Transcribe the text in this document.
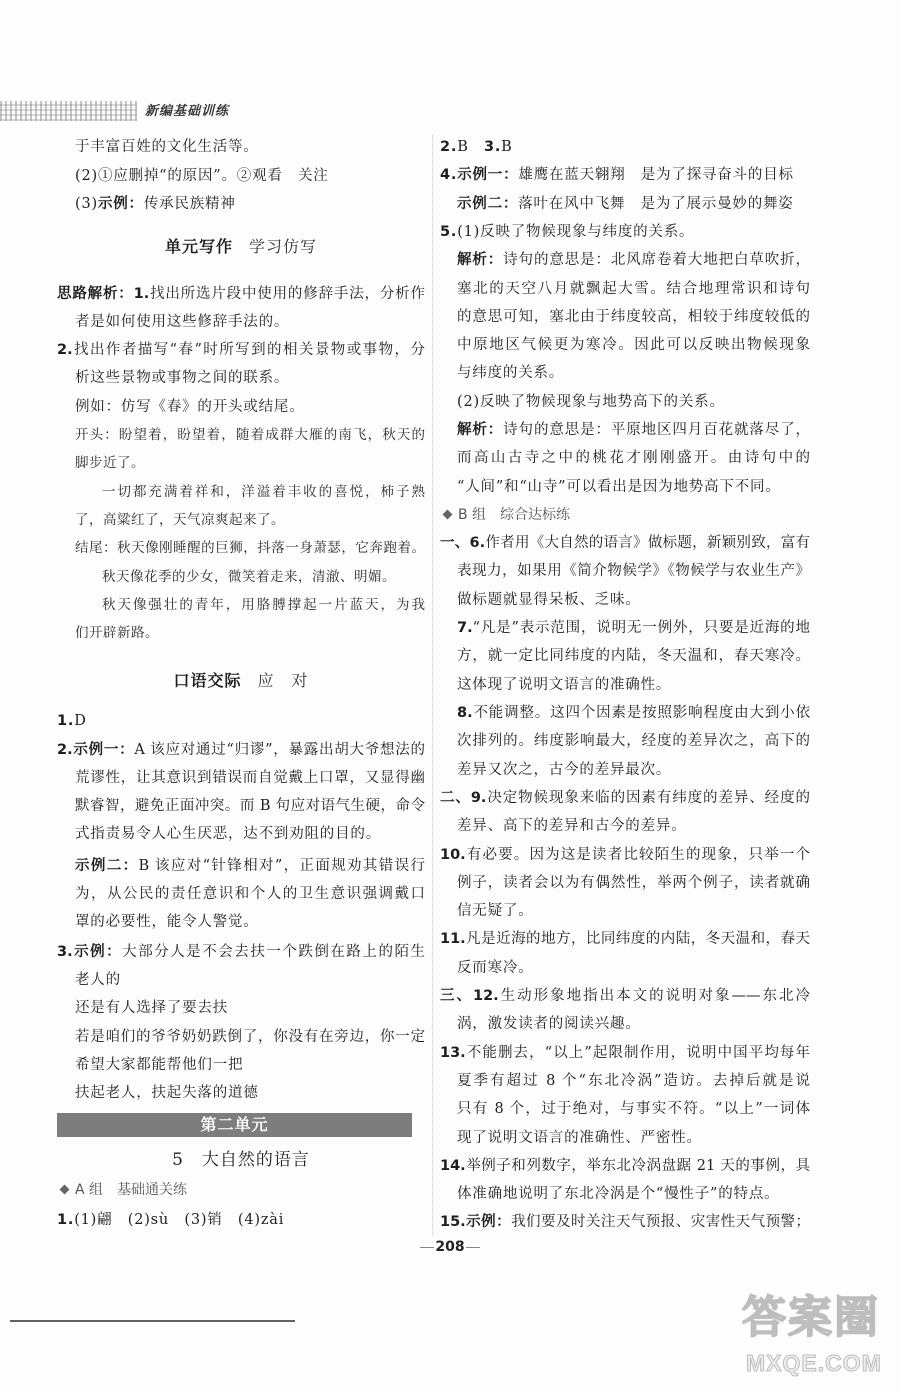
新编基础训练
于丰富百姓的文化生活等。
(2)①应删掉“的原因”。②观看　关注
(3)示例：传承民族精神
单元写作 学习仿写
思路解析：1.找出所选片段中使用的修辞手法，分析作
者是如何使用这些修辞手法的。
2.找出作者描写“春”时所写到的相关景物或事物，分
析这些景物或事物之间的联系。
例如：仿写《春》的开头或结尾。
开头：盼望着，盼望着，随着成群大雁的南飞，秋天的
脚步近了。
一切都充满着祥和，洋溢着丰收的喜悦，柿子熟
了，高粱红了，天气凉爽起来了。
结尾：秋天像刚睡醒的巨狮，抖落一身萧瑟，它奔跑着。
秋天像花季的少女，微笑着走来，清澈、明媚。
秋天像强壮的青年，用胳膊撑起一片蓝天，为我
们开辟新路。
口语交际 应　对
1.D
2.示例一：A 该应对通过“归谬”，暴露出胡大爷想法的
荒谬性，让其意识到错误而自觉戴上口罩，又显得幽
默睿智，避免正面冲突。而 B 句应对语气生硬，命令
式指责易令人心生厌恶，达不到劝阻的目的。
示例二：B 该应对“针锋相对”，正面规劝其错误行
为，从公民的责任意识和个人的卫生意识强调戴口
罩的必要性，能令人警觉。
3.示例：大部分人是不会去扶一个跌倒在路上的陌生
老人的
还是有人选择了要去扶
若是咱们的爷爷奶奶跌倒了，你没有在旁边，你一定
希望大家都能帮他们一把
扶起老人，扶起失落的道德
第二单元
5　大自然的语言
A 组　基础通关练
1.(1)翩　(2)sù　(3)销　(4)zài
2.B　3.B
4.示例一：雄鹰在蓝天翱翔　是为了探寻奋斗的目标
示例二：落叶在风中飞舞　是为了展示曼妙的舞姿
5.(1)反映了物候现象与纬度的关系。
解析：诗句的意思是：北风席卷着大地把白草吹折，
塞北的天空八月就飘起大雪。结合地理常识和诗句
的意思可知，塞北由于纬度较高，相较于纬度较低的
中原地区气候更为寒冷。因此可以反映出物候现象
与纬度的关系。
(2)反映了物候现象与地势高下的关系。
解析：诗句的意思是：平原地区四月百花就落尽了，
而高山古寺之中的桃花才刚刚盛开。由诗句中的
“人间”和“山寺”可以看出是因为地势高下不同。
B 组　综合达标练
一、6.作者用《大自然的语言》做标题，新颖别致，富有
表现力，如果用《简介物候学》《物候学与农业生产》
做标题就显得呆板、乏味。
7.“凡是”表示范围，说明无一例外，只要是近海的地
方，就一定比同纬度的内陆，冬天温和，春天寒冷。
这体现了说明文语言的准确性。
8.不能调整。这四个因素是按照影响程度由大到小依
次排列的。纬度影响最大，经度的差异次之，高下的
差异又次之，古今的差异最次。
二、9.决定物候现象来临的因素有纬度的差异、经度的
差异、高下的差异和古今的差异。
10.有必要。因为这是读者比较陌生的现象，只举一个
例子，读者会以为有偶然性，举两个例子，读者就确
信无疑了。
11.凡是近海的地方，比同纬度的内陆，冬天温和，春天
反而寒冷。
三、12.生动形象地指出本文的说明对象——东北冷
涡，激发读者的阅读兴趣。
13.不能删去，“以上”起限制作用，说明中国平均每年
夏季有超过 8 个“东北冷涡”造访。去掉后就是说
只有 8 个，过于绝对，与事实不符。“以上”一词体
现了说明文语言的准确性、严密性。
14.举例子和列数字，举东北冷涡盘踞 21 天的事例，具
体准确地说明了东北冷涡是个“慢性子”的特点。
15.示例：我们要及时关注天气预报、灾害性天气预警；
208
答案圈
MXQE.COM
